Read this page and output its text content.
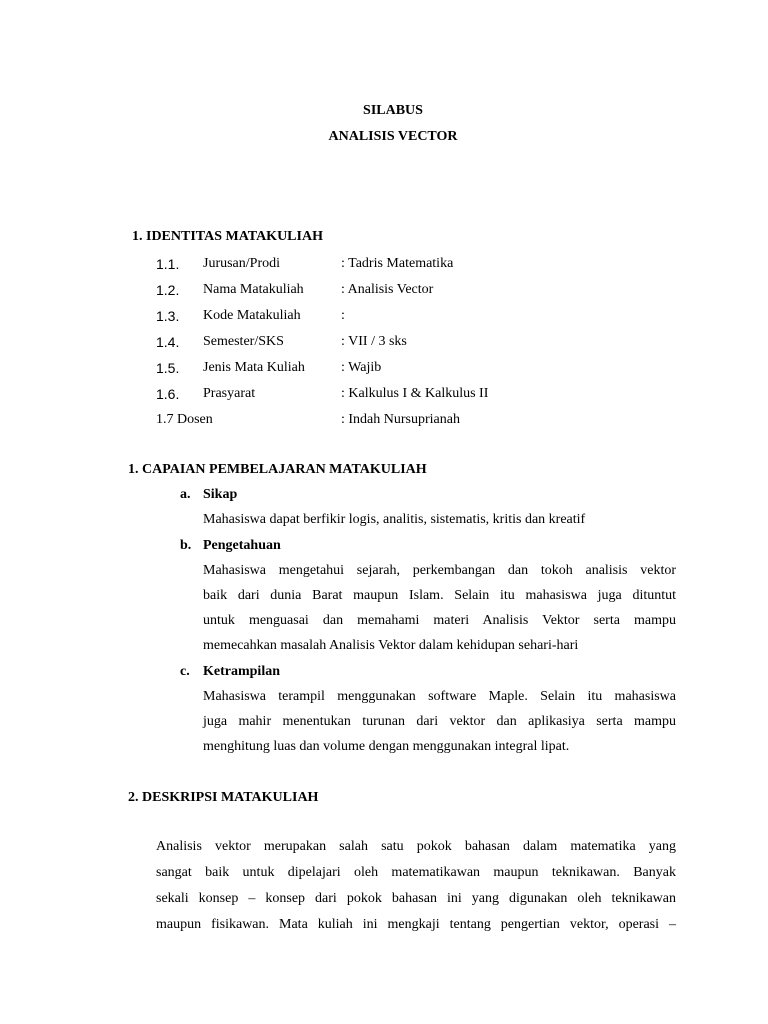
SILABUS
ANALISIS VECTOR
1. IDENTITAS MATAKULIAH
1.1. Jurusan/Prodi	: Tadris Matematika
1.2. Nama Matakuliah	: Analisis Vector
1.3. Kode Matakuliah	:
1.4. Semester/SKS	: VII / 3 sks
1.5. Jenis Mata Kuliah	: Wajib
1.6. Prasyarat	: Kalkulus I & Kalkulus II
1.7 Dosen	: Indah Nursuprianah
1. CAPAIAN PEMBELAJARAN MATAKULIAH
a. Sikap
Mahasiswa dapat berfikir logis, analitis, sistematis, kritis dan kreatif
b. Pengetahuan
Mahasiswa mengetahui sejarah, perkembangan dan tokoh analisis vektor
baik dari dunia Barat maupun Islam. Selain itu mahasiswa juga dituntut
untuk menguasai dan memahami materi Analisis Vektor serta mampu
memecahkan masalah Analisis Vektor dalam kehidupan sehari-hari
c. Ketrampilan
Mahasiswa terampil menggunakan software Maple. Selain itu mahasiswa
juga mahir menentukan turunan dari vektor dan aplikasiya serta mampu
menghitung luas dan volume dengan menggunakan integral lipat.
2. DESKRIPSI MATAKULIAH
Analisis vektor merupakan salah satu pokok bahasan dalam matematika yang
sangat baik untuk dipelajari oleh matematikawan maupun teknikawan. Banyak
sekali konsep – konsep dari pokok bahasan ini yang digunakan oleh teknikawan
maupun fisikawan. Mata kuliah ini mengkaji tentang pengertian vektor, operasi –
